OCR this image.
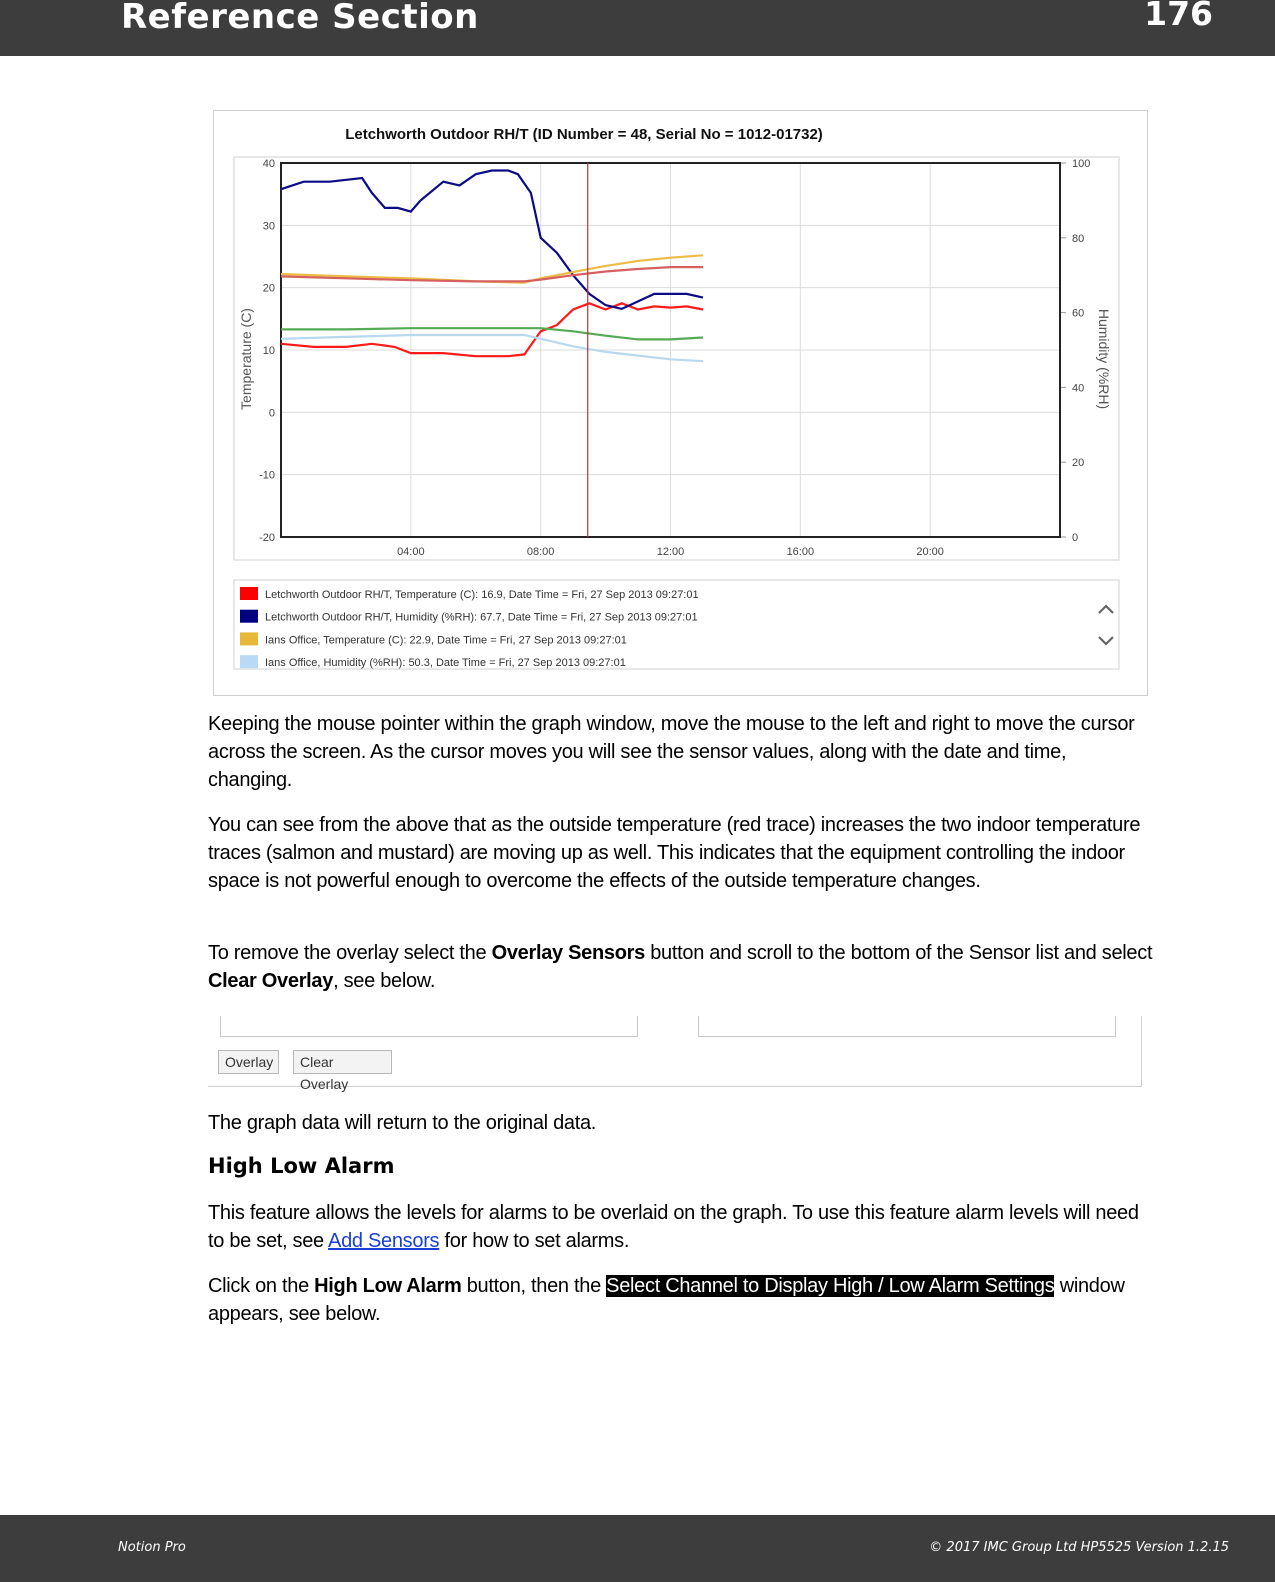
Reference Section	176
Letchworth Outdoor RH/T (ID Number = 48, Serial No = 1012-01732)
40
30
20
10
0
-10
-20
100
80
60
40
20
0
04:00	08:00	12:00	16:00	20:00
Temperature (C)	Humidity (%RH)
Letchworth Outdoor RH/T, Temperature (C): 16.9, Date Time = Fri, 27 Sep 2013 09:27:01
Letchworth Outdoor RH/T, Humidity (%RH): 67.7, Date Time = Fri, 27 Sep 2013 09:27:01
Ians Office, Temperature (C): 22.9, Date Time = Fri, 27 Sep 2013 09:27:01
Ians Office, Humidity (%RH): 50.3, Date Time = Fri, 27 Sep 2013 09:27:01
Keeping the mouse pointer within the graph window, move the mouse to the left and right to move the cursor across the screen. As the cursor moves you will see the sensor values, along with the date and time, changing.
You can see from the above that as the outside temperature (red trace) increases the two indoor temperature traces (salmon and mustard) are moving up as well. This indicates that the equipment controlling the indoor space is not powerful enough to overcome the effects of the outside temperature changes.
To remove the overlay select the Overlay Sensors button and scroll to the bottom of the Sensor list and select Clear Overlay, see below.
Overlay	Clear Overlay
The graph data will return to the original data.
High Low Alarm
This feature allows the levels for alarms to be overlaid on the graph. To use this feature alarm levels will need to be set, see Add Sensors for how to set alarms.
Click on the High Low Alarm button, then the Select Channel to Display High / Low Alarm Settings window appears, see below.
Notion Pro	© 2017 IMC Group Ltd HP5525 Version 1.2.15
